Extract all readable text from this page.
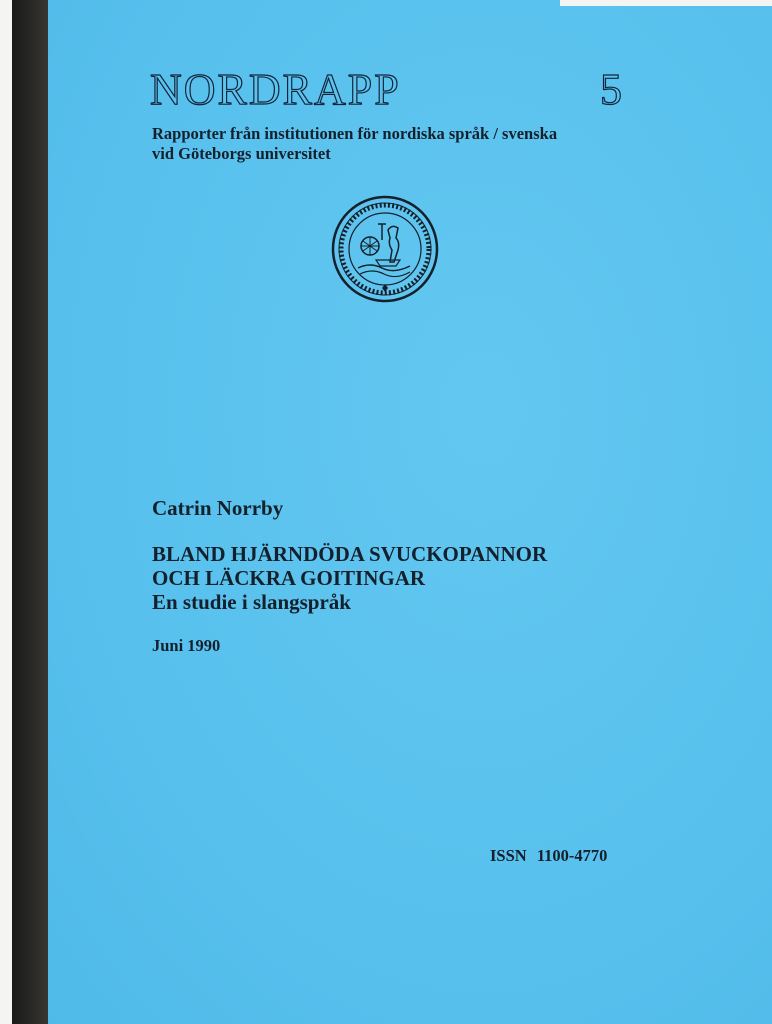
NORDRAPP	5
Rapporter från institutionen för nordiska språk / svenska
vid Göteborgs universitet
Catrin Norrby
BLAND HJÄRNDÖDA SVUCKOPANNOR
OCH LÄCKRA GOITINGAR
En studie i slangspråk
Juni 1990
ISSN 1100-4770
